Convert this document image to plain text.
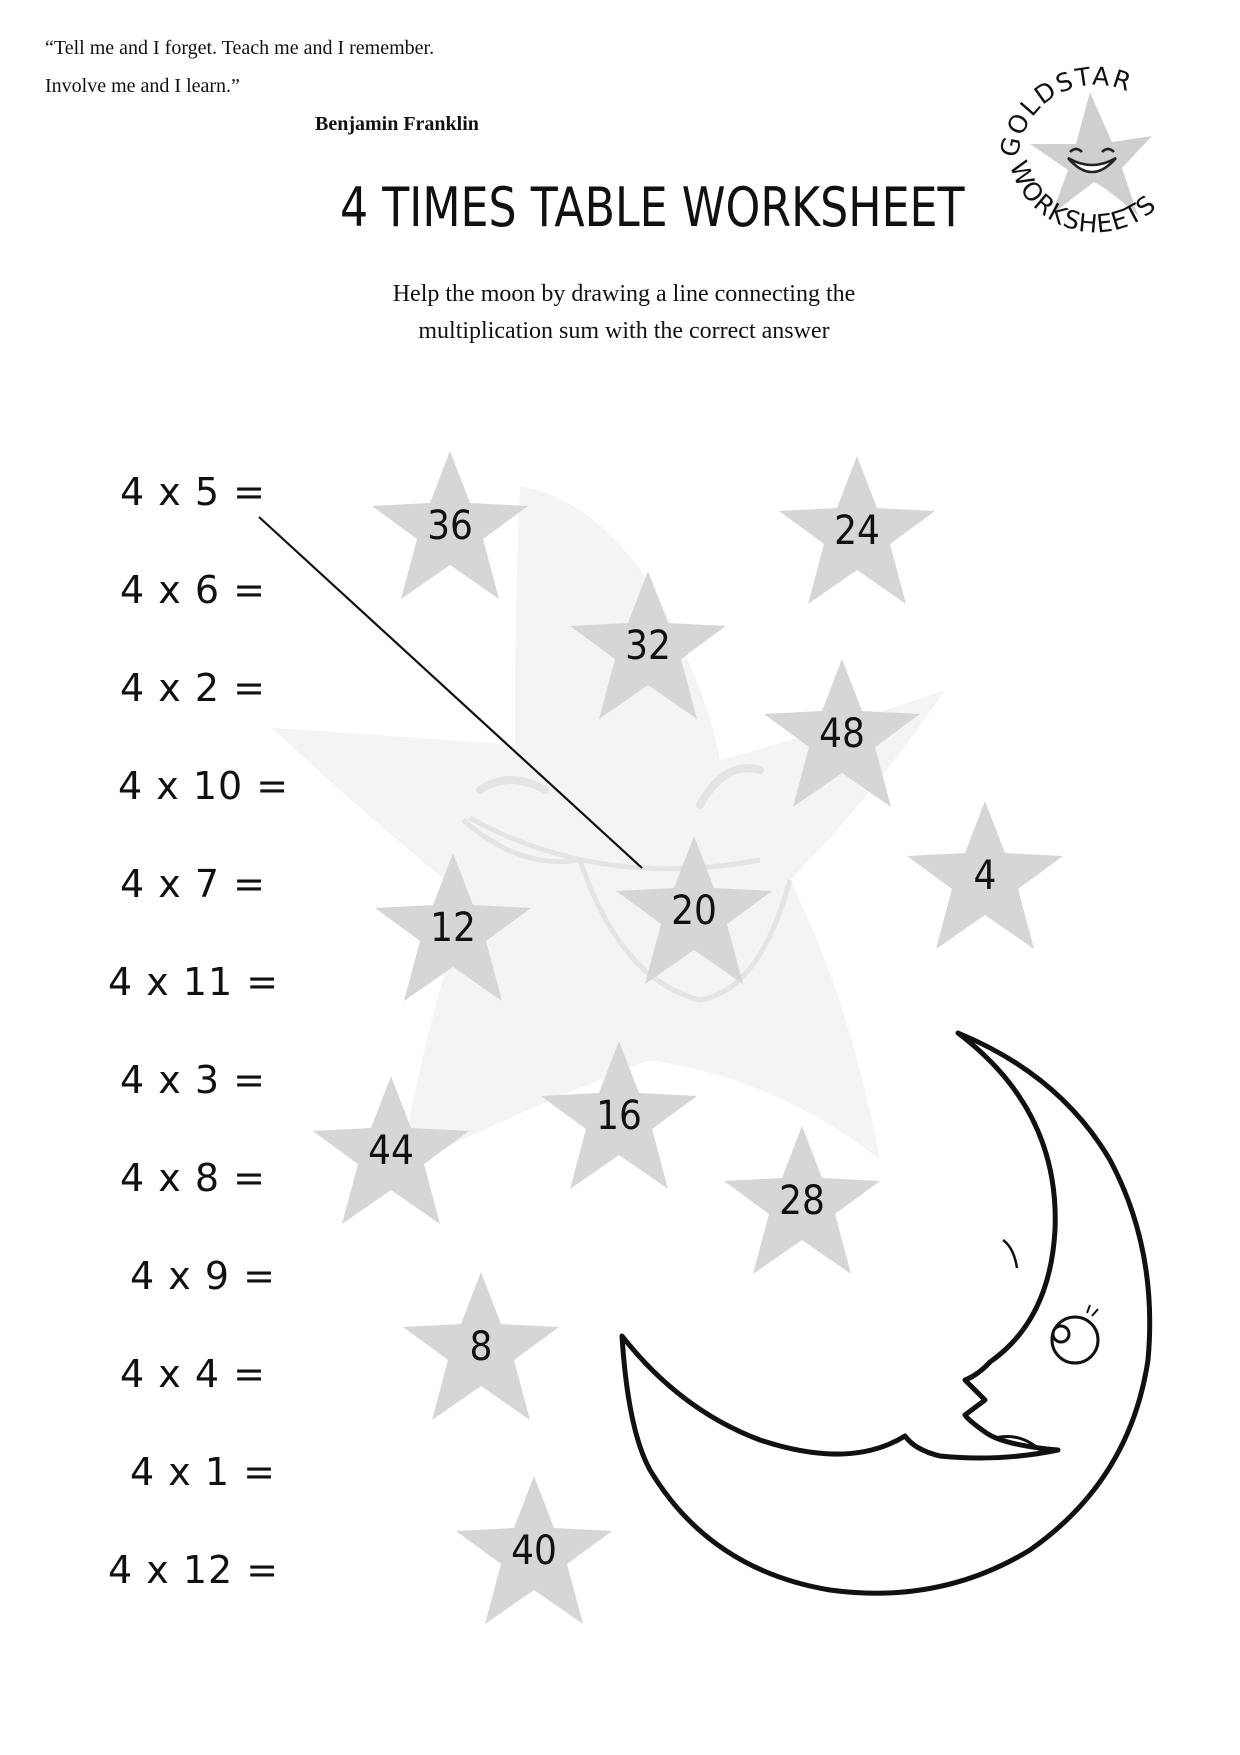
“Tell me and I forget. Teach me and I remember.
Involve me and I learn.”
Benjamin Franklin
GOLDSTAR
WORKSHEETS
4 TIMES TABLE WORKSHEET
Help the moon by drawing a line connecting the
multiplication sum with the correct answer
4 x 5 =
4 x 6 =
4 x 2 =
4 x 10 =
4 x 7 =
4 x 11 =
4 x 3 =
4 x 8 =
4 x 9 =
4 x 4 =
4 x 1 =
4 x 12 =
36	24
32
48
4
20
12
16
44
28
8
40
